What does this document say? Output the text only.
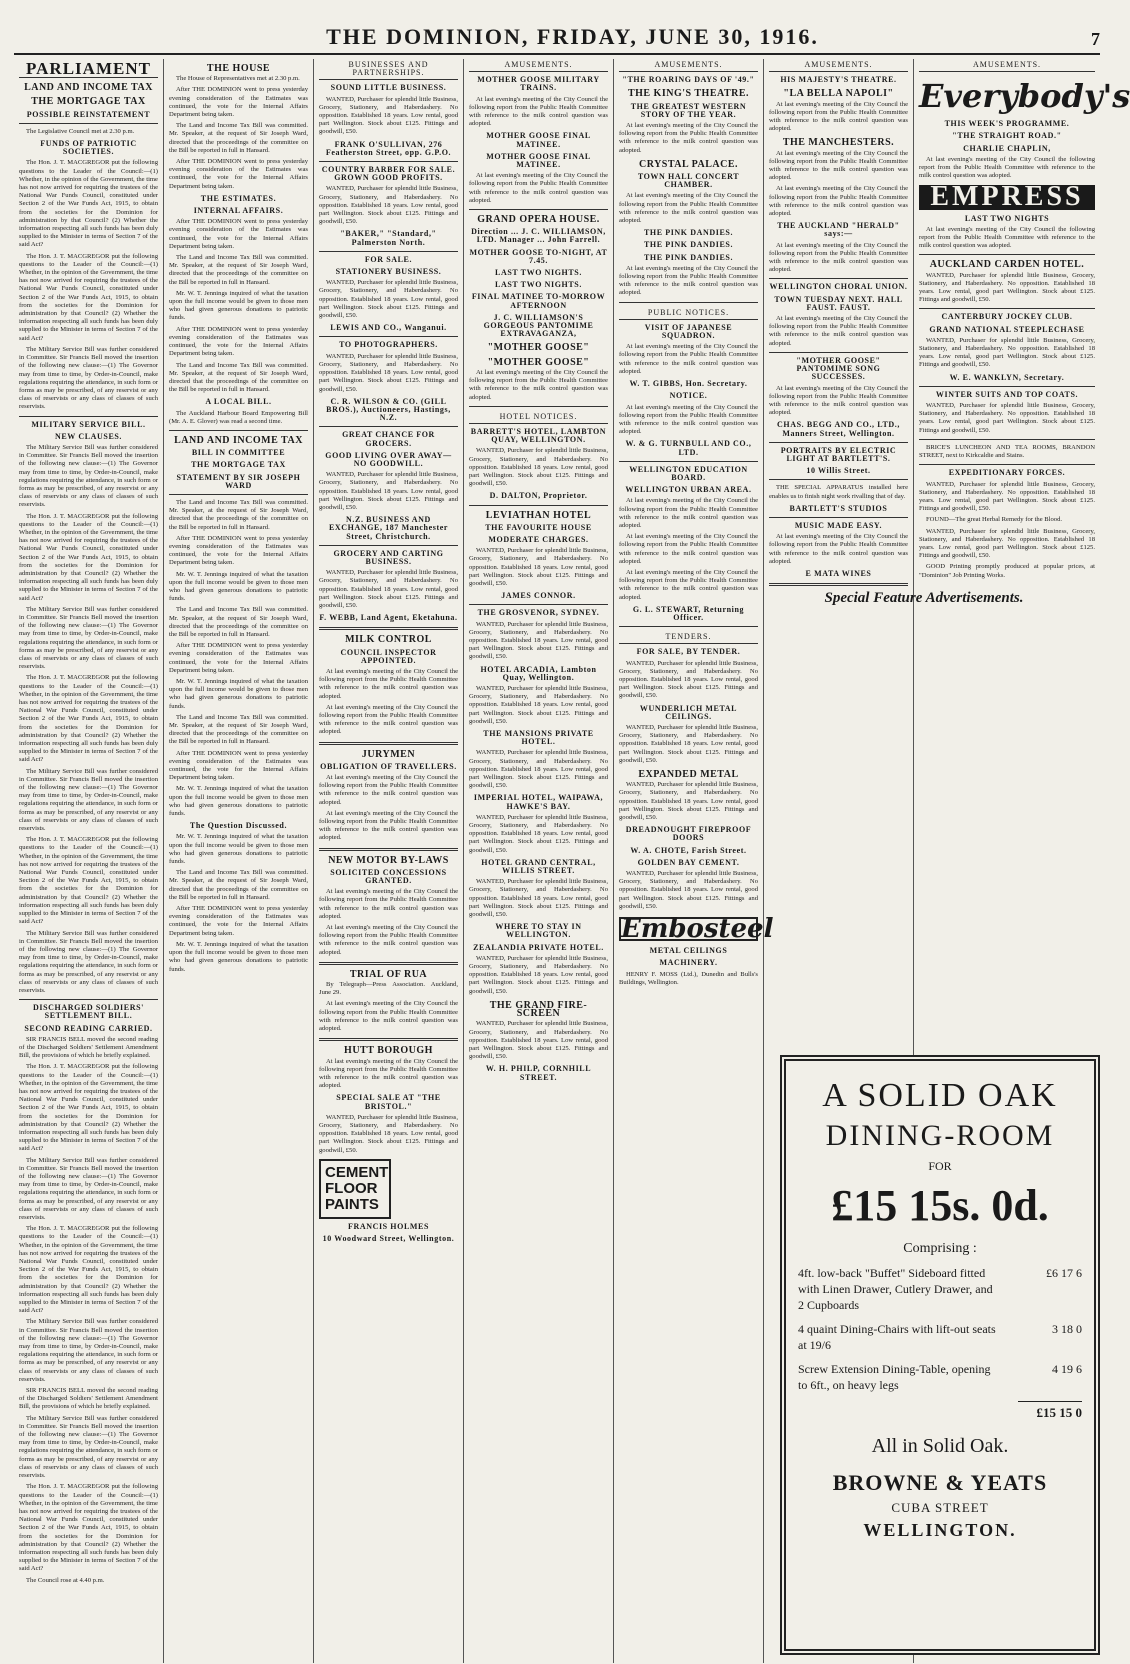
THE DOMINION, FRIDAY, JUNE 30, 1916.	7
PARLIAMENT
LAND AND INCOME TAX
THE MORTGAGE TAX
POSSIBLE REINSTATEMENT

The Legislative Council met at 2.30 p.m.

FUNDS OF PATRIOTIC SOCIETIES.

The Hon. J. T. MACGREGOR put the following questions to the Leader of the Council:—(1) Whether, in the opinion of the Government, the time has not now arrived for requiring the trustees of the National War Funds Council, constituted under Section 2 of the War Funds Act, 1915, to obtain from the societies for the Dominion for administration by that Council? (2) Whether the information respecting all such funds has been duly supplied to the Minister in terms of Section 7 of the said Act?

The Hon. J. T. MACGREGOR put the following questions to the Leader of the Council:—(1) Whether, in the opinion of the Government, the time has not now arrived for requiring the trustees of the National War Funds Council, constituted under Section 2 of the War Funds Act, 1915, to obtain from the societies for the Dominion for administration by that Council? (2) Whether the information respecting all such funds has been duly supplied to the Minister in terms of Section 7 of the said Act?

The Military Service Bill was further considered in Committee. Sir Francis Bell moved the insertion of the following new clause:—(1) The Governor may from time to time, by Order-in-Council, make regulations requiring the attendance, in such form or forms as may be prescribed, of any reservist or any class of reservists or any class of classes of such reservists.

MILITARY SERVICE BILL.
NEW CLAUSES.

The Military Service Bill was further considered in Committee. Sir Francis Bell moved the insertion of the following new clause:—(1) The Governor may from time to time, by Order-in-Council, make regulations requiring the attendance, in such form or forms as may be prescribed, of any reservist or any class of reservists or any class of classes of such reservists.

The Hon. J. T. MACGREGOR put the following questions to the Leader of the Council:—(1) Whether, in the opinion of the Government, the time has not now arrived for requiring the trustees of the National War Funds Council, constituted under Section 2 of the War Funds Act, 1915, to obtain from the societies for the Dominion for administration by that Council? (2) Whether the information respecting all such funds has been duly supplied to the Minister in terms of Section 7 of the said Act?

The Military Service Bill was further considered in Committee. Sir Francis Bell moved the insertion of the following new clause:—(1) The Governor may from time to time, by Order-in-Council, make regulations requiring the attendance, in such form or forms as may be prescribed, of any reservist or any class of reservists or any class of classes of such reservists.

The Hon. J. T. MACGREGOR put the following questions to the Leader of the Council:—(1) Whether, in the opinion of the Government, the time has not now arrived for requiring the trustees of the National War Funds Council, constituted under Section 2 of the War Funds Act, 1915, to obtain from the societies for the Dominion for administration by that Council? (2) Whether the information respecting all such funds has been duly supplied to the Minister in terms of Section 7 of the said Act?

The Military Service Bill was further considered in Committee. Sir Francis Bell moved the insertion of the following new clause:—(1) The Governor may from time to time, by Order-in-Council, make regulations requiring the attendance, in such form or forms as may be prescribed, of any reservist or any class of reservists or any class of classes of such reservists.

The Hon. J. T. MACGREGOR put the following questions to the Leader of the Council:—(1) Whether, in the opinion of the Government, the time has not now arrived for requiring the trustees of the National War Funds Council, constituted under Section 2 of the War Funds Act, 1915, to obtain from the societies for the Dominion for administration by that Council? (2) Whether the information respecting all such funds has been duly supplied to the Minister in terms of Section 7 of the said Act?

The Military Service Bill was further considered in Committee. Sir Francis Bell moved the insertion of the following new clause:—(1) The Governor may from time to time, by Order-in-Council, make regulations requiring the attendance, in such form or forms as may be prescribed, of any reservist or any class of reservists or any class of classes of such reservists.

DISCHARGED SOLDIERS' SETTLEMENT BILL.
SECOND READING CARRIED.

SIR FRANCIS BELL moved the second reading of the Discharged Soldiers' Settlement Amendment Bill, the provisions of which he briefly explained.

The Hon. J. T. MACGREGOR put the following questions to the Leader of the Council:—(1) Whether, in the opinion of the Government, the time has not now arrived for requiring the trustees of the National War Funds Council, constituted under Section 2 of the War Funds Act, 1915, to obtain from the societies for the Dominion for administration by that Council? (2) Whether the information respecting all such funds has been duly supplied to the Minister in terms of Section 7 of the said Act?

The Military Service Bill was further considered in Committee. Sir Francis Bell moved the insertion of the following new clause:—(1) The Governor may from time to time, by Order-in-Council, make regulations requiring the attendance, in such form or forms as may be prescribed, of any reservist or any class of reservists or any class of classes of such reservists.

The Hon. J. T. MACGREGOR put the following questions to the Leader of the Council:—(1) Whether, in the opinion of the Government, the time has not now arrived for requiring the trustees of the National War Funds Council, constituted under Section 2 of the War Funds Act, 1915, to obtain from the societies for the Dominion for administration by that Council? (2) Whether the information respecting all such funds has been duly supplied to the Minister in terms of Section 7 of the said Act?

The Military Service Bill was further considered in Committee. Sir Francis Bell moved the insertion of the following new clause:—(1) The Governor may from time to time, by Order-in-Council, make regulations requiring the attendance, in such form or forms as may be prescribed, of any reservist or any class of reservists or any class of classes of such reservists.

SIR FRANCIS BELL moved the second reading of the Discharged Soldiers' Settlement Amendment Bill, the provisions of which he briefly explained.

The Military Service Bill was further considered in Committee. Sir Francis Bell moved the insertion of the following new clause:—(1) The Governor may from time to time, by Order-in-Council, make regulations requiring the attendance, in such form or forms as may be prescribed, of any reservist or any class of reservists or any class of classes of such reservists.

The Hon. J. T. MACGREGOR put the following questions to the Leader of the Council:—(1) Whether, in the opinion of the Government, the time has not now arrived for requiring the trustees of the National War Funds Council, constituted under Section 2 of the War Funds Act, 1915, to obtain from the societies for the Dominion for administration by that Council? (2) Whether the information respecting all such funds has been duly supplied to the Minister in terms of Section 7 of the said Act?

The Council rose at 4.40 p.m.

THE HOUSE

The House of Representatives met at 2.30 p.m.

After THE DOMINION went to press yesterday evening consideration of the Estimates was continued, the vote for the Internal Affairs Department being taken.

The Land and Income Tax Bill was committed. Mr. Speaker, at the request of Sir Joseph Ward, directed that the proceedings of the committee on the Bill be reported in full in Hansard.

After THE DOMINION went to press yesterday evening consideration of the Estimates was continued, the vote for the Internal Affairs Department being taken.

THE ESTIMATES.
INTERNAL AFFAIRS.

After THE DOMINION went to press yesterday evening consideration of the Estimates was continued, the vote for the Internal Affairs Department being taken.

The Land and Income Tax Bill was committed. Mr. Speaker, at the request of Sir Joseph Ward, directed that the proceedings of the committee on the Bill be reported in full in Hansard.

Mr. W. T. Jennings inquired of what the taxation upon the full income would be given to those men who had given generous donations to patriotic funds.

After THE DOMINION went to press yesterday evening consideration of the Estimates was continued, the vote for the Internal Affairs Department being taken.

The Land and Income Tax Bill was committed. Mr. Speaker, at the request of Sir Joseph Ward, directed that the proceedings of the committee on the Bill be reported in full in Hansard.

A LOCAL BILL.

The Auckland Harbour Board Empowering Bill (Mr. A. E. Glover) was read a second time.

LAND AND INCOME TAX
BILL IN COMMITTEE
THE MORTGAGE TAX
STATEMENT BY SIR JOSEPH WARD

The Land and Income Tax Bill was committed. Mr. Speaker, at the request of Sir Joseph Ward, directed that the proceedings of the committee on the Bill be reported in full in Hansard.

After THE DOMINION went to press yesterday evening consideration of the Estimates was continued, the vote for the Internal Affairs Department being taken.

Mr. W. T. Jennings inquired of what the taxation upon the full income would be given to those men who had given generous donations to patriotic funds.

The Land and Income Tax Bill was committed. Mr. Speaker, at the request of Sir Joseph Ward, directed that the proceedings of the committee on the Bill be reported in full in Hansard.

After THE DOMINION went to press yesterday evening consideration of the Estimates was continued, the vote for the Internal Affairs Department being taken.

Mr. W. T. Jennings inquired of what the taxation upon the full income would be given to those men who had given generous donations to patriotic funds.

The Land and Income Tax Bill was committed. Mr. Speaker, at the request of Sir Joseph Ward, directed that the proceedings of the committee on the Bill be reported in full in Hansard.

After THE DOMINION went to press yesterday evening consideration of the Estimates was continued, the vote for the Internal Affairs Department being taken.

Mr. W. T. Jennings inquired of what the taxation upon the full income would be given to those men who had given generous donations to patriotic funds.

The Question Discussed.

Mr. W. T. Jennings inquired of what the taxation upon the full income would be given to those men who had given generous donations to patriotic funds.

The Land and Income Tax Bill was committed. Mr. Speaker, at the request of Sir Joseph Ward, directed that the proceedings of the committee on the Bill be reported in full in Hansard.

After THE DOMINION went to press yesterday evening consideration of the Estimates was continued, the vote for the Internal Affairs Department being taken.

Mr. W. T. Jennings inquired of what the taxation upon the full income would be given to those men who had given generous donations to patriotic funds.

BUSINESSES AND PARTNERSHIPS.
SOUND LITTLE BUSINESS.

WANTED, Purchaser for splendid little Business, Grocery, Stationery, and Haberdashery. No opposition. Established 18 years. Low rental, good part Wellington. Stock about £125. Fittings and goodwill, £50.

FRANK O'SULLIVAN, 276 Featherston Street, opp. G.P.O.
COUNTRY BARBER FOR SALE. GROWN GOOD PROFITS.

WANTED, Purchaser for splendid little Business, Grocery, Stationery, and Haberdashery. No opposition. Established 18 years. Low rental, good part Wellington. Stock about £125. Fittings and goodwill, £50.

"BAKER," "Standard," Palmerston North.
FOR SALE.
STATIONERY BUSINESS.

WANTED, Purchaser for splendid little Business, Grocery, Stationery, and Haberdashery. No opposition. Established 18 years. Low rental, good part Wellington. Stock about £125. Fittings and goodwill, £50.

LEWIS AND CO., Wanganui.
TO PHOTOGRAPHERS.

WANTED, Purchaser for splendid little Business, Grocery, Stationery, and Haberdashery. No opposition. Established 18 years. Low rental, good part Wellington. Stock about £125. Fittings and goodwill, £50.

C. R. WILSON & CO. (GILL BROS.), Auctioneers, Hastings, N.Z.
GREAT CHANCE FOR GROCERS.
GOOD LIVING OVER AWAY—NO GOODWILL.

WANTED, Purchaser for splendid little Business, Grocery, Stationery, and Haberdashery. No opposition. Established 18 years. Low rental, good part Wellington. Stock about £125. Fittings and goodwill, £50.

N.Z. BUSINESS AND EXCHANGE, 187 Manchester Street, Christchurch.
GROCERY AND CARTING BUSINESS.

WANTED, Purchaser for splendid little Business, Grocery, Stationery, and Haberdashery. No opposition. Established 18 years. Low rental, good part Wellington. Stock about £125. Fittings and goodwill, £50.

F. WEBB, Land Agent, Eketahuna.
MILK CONTROL
COUNCIL INSPECTOR APPOINTED.

At last evening's meeting of the City Council the following report from the Public Health Committee with reference to the milk control question was adopted.

At last evening's meeting of the City Council the following report from the Public Health Committee with reference to the milk control question was adopted.

JURYMEN
OBLIGATION OF TRAVELLERS.

At last evening's meeting of the City Council the following report from the Public Health Committee with reference to the milk control question was adopted.

At last evening's meeting of the City Council the following report from the Public Health Committee with reference to the milk control question was adopted.

NEW MOTOR BY-LAWS
SOLICITED CONCESSIONS GRANTED.

At last evening's meeting of the City Council the following report from the Public Health Committee with reference to the milk control question was adopted.

At last evening's meeting of the City Council the following report from the Public Health Committee with reference to the milk control question was adopted.

TRIAL OF RUA

By Telegraph—Press Association. Auckland, June 29.

At last evening's meeting of the City Council the following report from the Public Health Committee with reference to the milk control question was adopted.

HUTT BOROUGH

At last evening's meeting of the City Council the following report from the Public Health Committee with reference to the milk control question was adopted.

SPECIAL SALE AT "THE BRISTOL."

WANTED, Purchaser for splendid little Business, Grocery, Stationery, and Haberdashery. No opposition. Established 18 years. Low rental, good part Wellington. Stock about £125. Fittings and goodwill, £50.

CEMENT FLOOR PAINTS
FRANCIS HOLMES
10 Woodward Street, Wellington.
AMUSEMENTS.
MOTHER GOOSE MILITARY TRAINS.

At last evening's meeting of the City Council the following report from the Public Health Committee with reference to the milk control question was adopted.

MOTHER GOOSE FINAL MATINEE.
MOTHER GOOSE FINAL MATINEE.

At last evening's meeting of the City Council the following report from the Public Health Committee with reference to the milk control question was adopted.

GRAND OPERA HOUSE.
Direction ... J. C. WILLIAMSON, LTD. Manager ... John Farrell.
MOTHER GOOSE TO-NIGHT, AT 7.45.
LAST TWO NIGHTS.
LAST TWO NIGHTS.
FINAL MATINEE TO-MORROW AFTERNOON
J. C. WILLIAMSON'S GORGEOUS PANTOMIME EXTRAVAGANZA,
"MOTHER GOOSE"
"MOTHER GOOSE"

At last evening's meeting of the City Council the following report from the Public Health Committee with reference to the milk control question was adopted.

HOTEL NOTICES.
BARRETT'S HOTEL, LAMBTON QUAY, WELLINGTON.

WANTED, Purchaser for splendid little Business, Grocery, Stationery, and Haberdashery. No opposition. Established 18 years. Low rental, good part Wellington. Stock about £125. Fittings and goodwill, £50.

D. DALTON, Proprietor.
LEVIATHAN HOTEL
THE FAVOURITE HOUSE
MODERATE CHARGES.

WANTED, Purchaser for splendid little Business, Grocery, Stationery, and Haberdashery. No opposition. Established 18 years. Low rental, good part Wellington. Stock about £125. Fittings and goodwill, £50.

JAMES CONNOR.
THE GROSVENOR, SYDNEY.

WANTED, Purchaser for splendid little Business, Grocery, Stationery, and Haberdashery. No opposition. Established 18 years. Low rental, good part Wellington. Stock about £125. Fittings and goodwill, £50.

HOTEL ARCADIA, Lambton Quay, Wellington.

WANTED, Purchaser for splendid little Business, Grocery, Stationery, and Haberdashery. No opposition. Established 18 years. Low rental, good part Wellington. Stock about £125. Fittings and goodwill, £50.

THE MANSIONS PRIVATE HOTEL.

WANTED, Purchaser for splendid little Business, Grocery, Stationery, and Haberdashery. No opposition. Established 18 years. Low rental, good part Wellington. Stock about £125. Fittings and goodwill, £50.

IMPERIAL HOTEL, WAIPAWA, HAWKE'S BAY.

WANTED, Purchaser for splendid little Business, Grocery, Stationery, and Haberdashery. No opposition. Established 18 years. Low rental, good part Wellington. Stock about £125. Fittings and goodwill, £50.

HOTEL GRAND CENTRAL, WILLIS STREET.

WANTED, Purchaser for splendid little Business, Grocery, Stationery, and Haberdashery. No opposition. Established 18 years. Low rental, good part Wellington. Stock about £125. Fittings and goodwill, £50.

WHERE TO STAY IN WELLINGTON.
ZEALANDIA PRIVATE HOTEL.

WANTED, Purchaser for splendid little Business, Grocery, Stationery, and Haberdashery. No opposition. Established 18 years. Low rental, good part Wellington. Stock about £125. Fittings and goodwill, £50.

THE GRAND FIRE-SCREEN

WANTED, Purchaser for splendid little Business, Grocery, Stationery, and Haberdashery. No opposition. Established 18 years. Low rental, good part Wellington. Stock about £125. Fittings and goodwill, £50.

W. H. PHILP, CORNHILL STREET.
AMUSEMENTS.
"THE ROARING DAYS OF '49."
THE KING'S THEATRE.
THE GREATEST WESTERN STORY OF THE YEAR.

At last evening's meeting of the City Council the following report from the Public Health Committee with reference to the milk control question was adopted.

CRYSTAL PALACE.
TOWN HALL CONCERT CHAMBER.

At last evening's meeting of the City Council the following report from the Public Health Committee with reference to the milk control question was adopted.

THE PINK DANDIES.
THE PINK DANDIES.
THE PINK DANDIES.

At last evening's meeting of the City Council the following report from the Public Health Committee with reference to the milk control question was adopted.

PUBLIC NOTICES.
VISIT OF JAPANESE SQUADRON.

At last evening's meeting of the City Council the following report from the Public Health Committee with reference to the milk control question was adopted.

W. T. GIBBS, Hon. Secretary.
NOTICE.

At last evening's meeting of the City Council the following report from the Public Health Committee with reference to the milk control question was adopted.

W. & G. TURNBULL AND CO., LTD.
WELLINGTON EDUCATION BOARD.
WELLINGTON URBAN AREA.

At last evening's meeting of the City Council the following report from the Public Health Committee with reference to the milk control question was adopted.

At last evening's meeting of the City Council the following report from the Public Health Committee with reference to the milk control question was adopted.

At last evening's meeting of the City Council the following report from the Public Health Committee with reference to the milk control question was adopted.

G. L. STEWART, Returning Officer.
TENDERS.
FOR SALE, BY TENDER.

WANTED, Purchaser for splendid little Business, Grocery, Stationery, and Haberdashery. No opposition. Established 18 years. Low rental, good part Wellington. Stock about £125. Fittings and goodwill, £50.

WUNDERLICH METAL CEILINGS.

WANTED, Purchaser for splendid little Business, Grocery, Stationery, and Haberdashery. No opposition. Established 18 years. Low rental, good part Wellington. Stock about £125. Fittings and goodwill, £50.

EXPANDED METAL

WANTED, Purchaser for splendid little Business, Grocery, Stationery, and Haberdashery. No opposition. Established 18 years. Low rental, good part Wellington. Stock about £125. Fittings and goodwill, £50.

DREADNOUGHT FIREPROOF DOORS
W. A. CHOTE, Farish Street.
GOLDEN BAY CEMENT.

WANTED, Purchaser for splendid little Business, Grocery, Stationery, and Haberdashery. No opposition. Established 18 years. Low rental, good part Wellington. Stock about £125. Fittings and goodwill, £50.

Embosteel
METAL CEILINGS
MACHINERY.

HENRY F. MOSS (Ltd.), Dunedin and Bulls's Buildings, Wellington.

AMUSEMENTS.
HIS MAJESTY'S THEATRE.
"LA BELLA NAPOLI"

At last evening's meeting of the City Council the following report from the Public Health Committee with reference to the milk control question was adopted.

THE MANCHESTERS.

At last evening's meeting of the City Council the following report from the Public Health Committee with reference to the milk control question was adopted.

At last evening's meeting of the City Council the following report from the Public Health Committee with reference to the milk control question was adopted.

THE AUCKLAND "HERALD" says:—

At last evening's meeting of the City Council the following report from the Public Health Committee with reference to the milk control question was adopted.

WELLINGTON CHORAL UNION.
TOWN TUESDAY NEXT. HALL FAUST. FAUST.

At last evening's meeting of the City Council the following report from the Public Health Committee with reference to the milk control question was adopted.

"MOTHER GOOSE" PANTOMIME SONG SUCCESSES.

At last evening's meeting of the City Council the following report from the Public Health Committee with reference to the milk control question was adopted.

CHAS. BEGG AND CO., LTD., Manners Street, Wellington.
PORTRAITS BY ELECTRIC LIGHT AT BARTLETT'S.
10 Willis Street.

THE SPECIAL APPARATUS installed here enables us to finish night work rivalling that of day.

BARTLETT'S STUDIOS
MUSIC MADE EASY.

At last evening's meeting of the City Council the following report from the Public Health Committee with reference to the milk control question was adopted.

E MATA WINES
Special Feature Advertisements.
AMUSEMENTS.
Everybody's
THIS WEEK'S PROGRAMME.
"THE STRAIGHT ROAD."
CHARLIE CHAPLIN,

At last evening's meeting of the City Council the following report from the Public Health Committee with reference to the milk control question was adopted.

EMPRESS
LAST TWO NIGHTS

At last evening's meeting of the City Council the following report from the Public Health Committee with reference to the milk control question was adopted.

AUCKLAND CARDEN HOTEL.

WANTED, Purchaser for splendid little Business, Grocery, Stationery, and Haberdashery. No opposition. Established 18 years. Low rental, good part Wellington. Stock about £125. Fittings and goodwill, £50.

CANTERBURY JOCKEY CLUB.
GRAND NATIONAL STEEPLECHASE

WANTED, Purchaser for splendid little Business, Grocery, Stationery, and Haberdashery. No opposition. Established 18 years. Low rental, good part Wellington. Stock about £125. Fittings and goodwill, £50.

W. E. WANKLYN, Secretary.
WINTER SUITS AND TOP COATS.

WANTED, Purchaser for splendid little Business, Grocery, Stationery, and Haberdashery. No opposition. Established 18 years. Low rental, good part Wellington. Stock about £125. Fittings and goodwill, £50.

BRICE'S LUNCHEON AND TEA ROOMS, BRANDON STREET, next to Kirkcaldie and Stains.

EXPEDITIONARY FORCES.

WANTED, Purchaser for splendid little Business, Grocery, Stationery, and Haberdashery. No opposition. Established 18 years. Low rental, good part Wellington. Stock about £125. Fittings and goodwill, £50.

FOUND—The great Herbal Remedy for the Blood.

WANTED, Purchaser for splendid little Business, Grocery, Stationery, and Haberdashery. No opposition. Established 18 years. Low rental, good part Wellington. Stock about £125. Fittings and goodwill, £50.

GOOD Printing promptly produced at popular prices, at "Dominion" Job Printing Works.

A SOLID OAK
DINING-ROOM
FOR
£15 15s. 0d.
Comprising :
4ft. low-back "Buffet" Sideboard fitted with Linen Drawer, Cutlery Drawer, and 2 Cupboards
£6 17 6
4 quaint Dining-Chairs with lift-out seats at 19/6
3 18 0
Screw Extension Dining-Table, opening to 6ft., on heavy legs
4 19 6
£15 15 0
All in Solid Oak.
BROWNE & YEATS
CUBA STREET
WELLINGTON.
